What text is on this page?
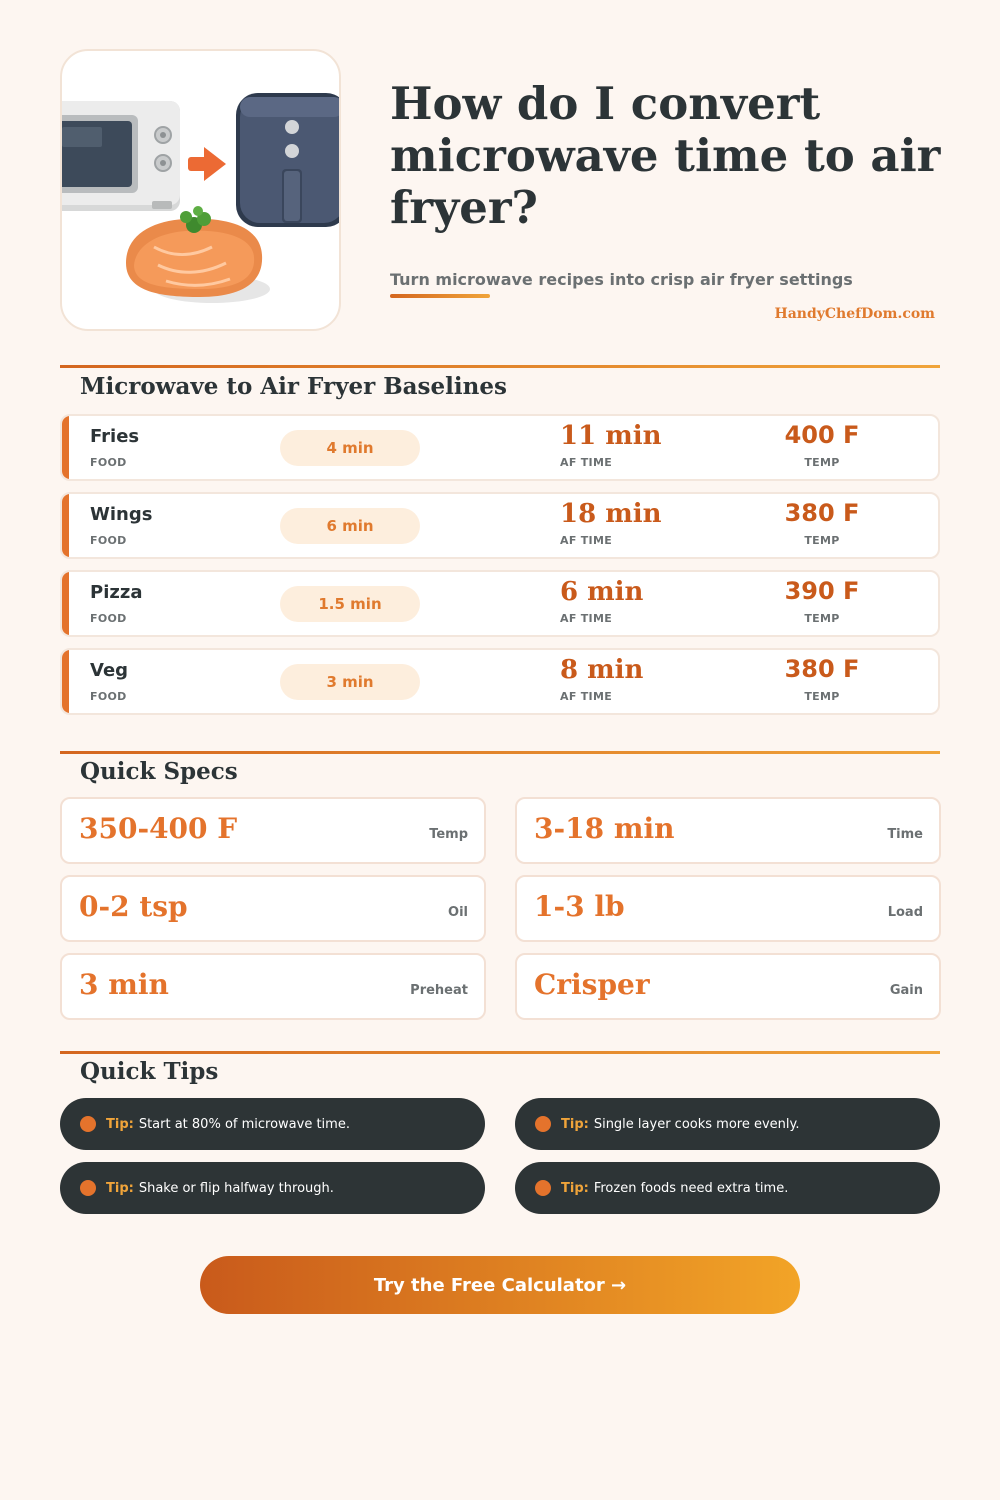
How do I convert microwave time to air fryer?
Turn microwave recipes into crisp air fryer settings
HandyChefDom.com
Microwave to Air Fryer Baselines
Fries
FOOD
4 min	11 min
AF TIME
400 F
TEMP
Wings
FOOD
6 min	18 min
AF TIME
380 F
TEMP
Pizza
FOOD
1.5 min	6 min
AF TIME
390 F
TEMP
Veg
FOOD
3 min	8 min
AF TIME
380 F
TEMP
Quick Specs
350-400 F	Temp 3-18 min	Time
0-2 tsp	Oil 1-3 lb	Load
3 min	Preheat Crisper	Gain
Quick Tips
Tip: Start at 80% of microwave time.	Tip: Single layer cooks more evenly.
Tip: Shake or flip halfway through.	Tip: Frozen foods need extra time.
Try the Free Calculator →
